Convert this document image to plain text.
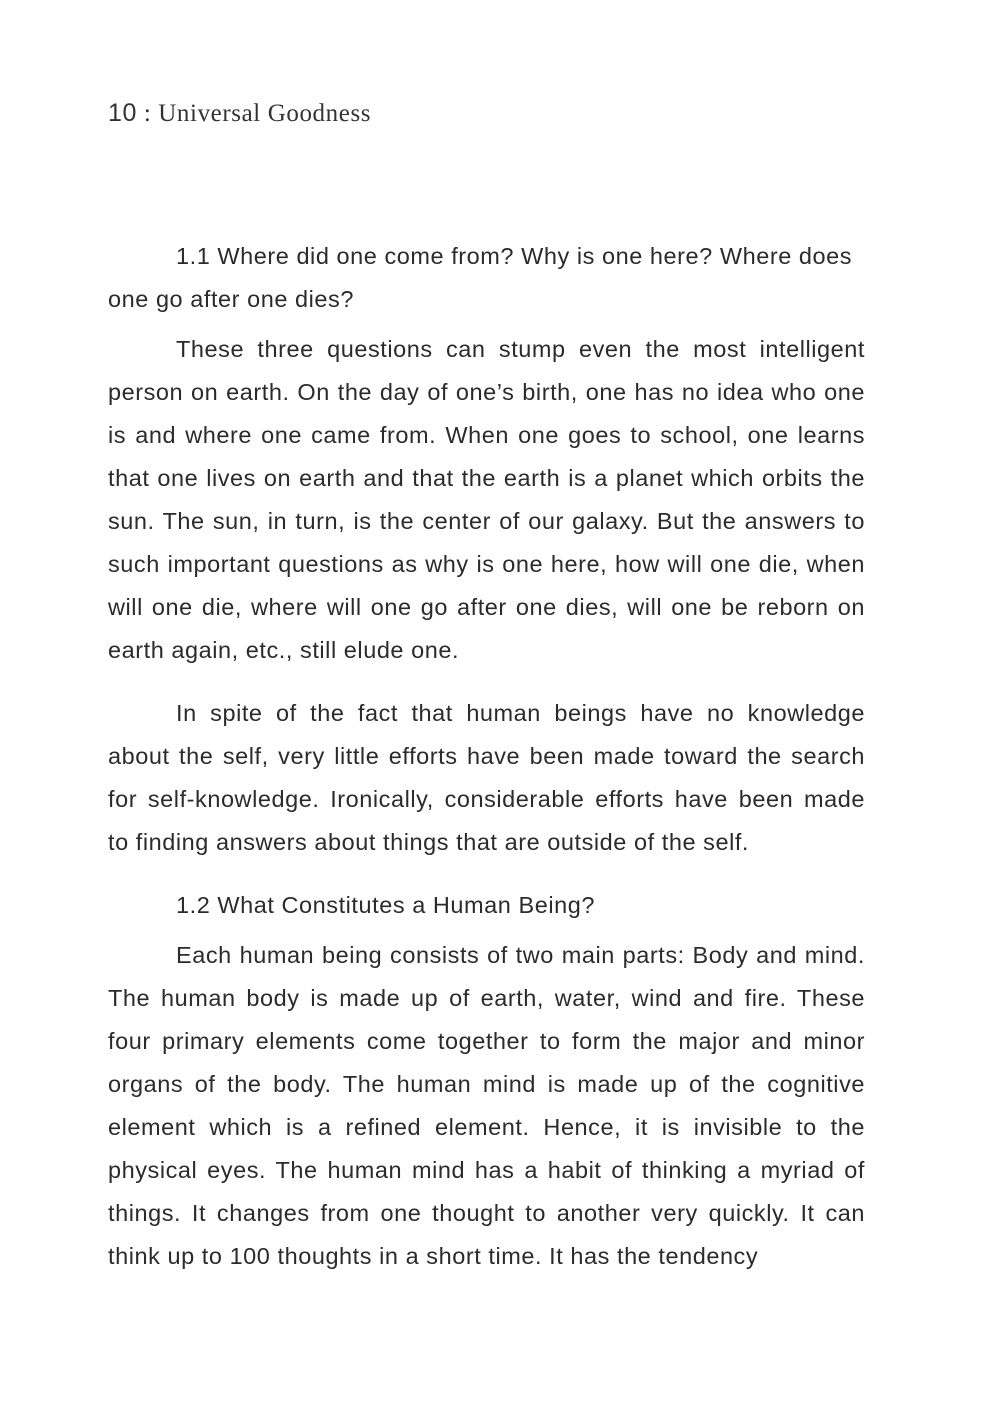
10 : Universal Goodness

1.1 Where did one come from? Why is one here? Where does one go after one dies?

These three questions can stump even the most intelligent person on earth. On the day of one’s birth, one has no idea who one is and where one came from. When one goes to school, one learns that one lives on earth and that the earth is a planet which orbits the sun. The sun, in turn, is the center of our galaxy. But the answers to such important questions as why is one here, how will one die, when will one die, where will one go after one dies, will one be reborn on earth again, etc., still elude one.

In spite of the fact that human beings have no knowledge about the self, very little efforts have been made toward the search for self-knowledge. Ironically, considerable efforts have been made to finding answers about things that are outside of the self.

1.2 What Constitutes a Human Being?

Each human being consists of two main parts: Body and mind. The human body is made up of earth, water, wind and fire. These four primary elements come together to form the major and minor organs of the body. The human mind is made up of the cognitive element which is a refined element. Hence, it is invisible to the physical eyes. The human mind has a habit of thinking a myriad of things. It changes from one thought to another very quickly. It can think up to 100 thoughts in a short time. It has the tendency
